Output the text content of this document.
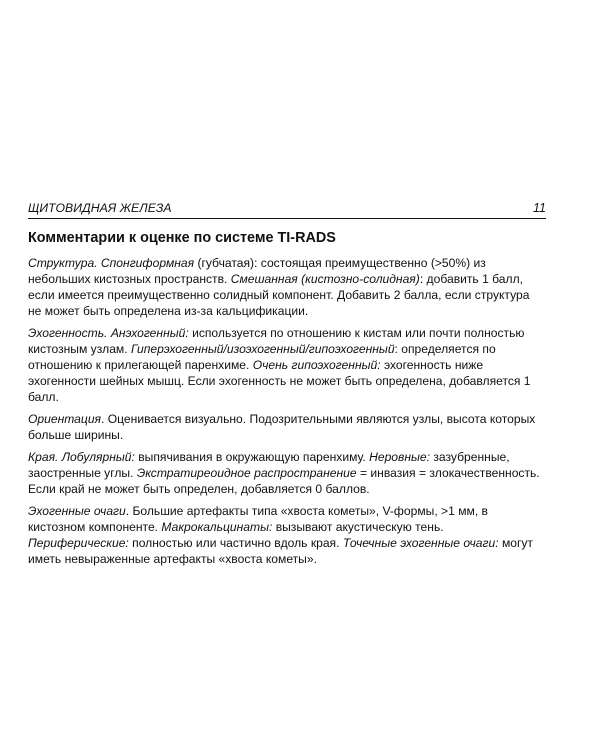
ЩИТОВИДНАЯ ЖЕЛЕЗА	11
Комментарии к оценке по системе TI-RADS

Структура. Спонгиформная (губчатая): состоящая преимущественно (>50%) из небольших кистозных пространств. Смешанная (кистозно-солидная): добавить 1 балл, если имеется преимущественно солидный компонент. Добавить 2 балла, если структура не может быть определена из-за кальцификации.

Эхогенность. Анэхогенный: используется по отношению к кистам или почти полностью кистозным узлам. Гиперэхогенный/изоэхогенный/гипоэхогенный: определяется по отношению к прилегающей паренхиме. Очень гипоэхогенный: эхогенность ниже эхогенности шейных мышц. Если эхогенность не может быть определена, добавляется 1 балл.

Ориентация. Оценивается визуально. Подозрительными являются узлы, высота которых больше ширины.

Края. Лобулярный: выпячивания в окружающую паренхиму. Неровные: зазубренные, заостренные углы. Экстратиреоидное распространение = инвазия = злокачественность. Если край не может быть определен, добавляется 0 баллов.

Эхогенные очаги. Большие артефакты типа «хвоста кометы», V-формы, >1 мм, в кистозном компоненте. Макрокальцинаты: вызывают акустическую тень. Периферические: полностью или частично вдоль края. Точечные эхогенные очаги: могут иметь невыраженные артефакты «хвоста кометы».
